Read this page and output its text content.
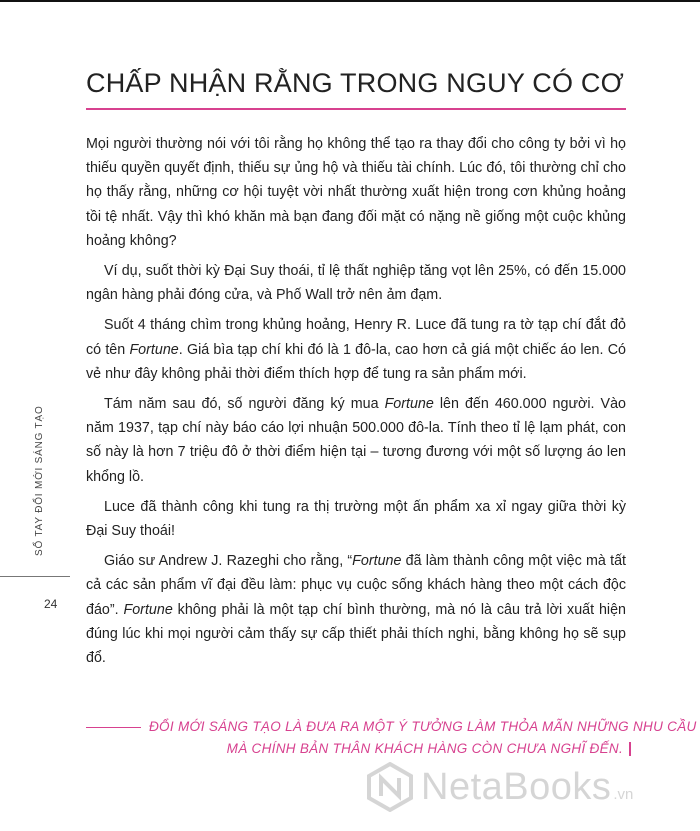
CHẤP NHẬN RẰNG TRONG NGUY CÓ CƠ

Mọi người thường nói với tôi rằng họ không thể tạo ra thay đổi cho công ty bởi vì họ thiếu quyền quyết định, thiếu sự ủng hộ và thiếu tài chính. Lúc đó, tôi thường chỉ cho họ thấy rằng, những cơ hội tuyệt vời nhất thường xuất hiện trong cơn khủng hoảng tồi tệ nhất. Vậy thì khó khăn mà bạn đang đối mặt có nặng nề giống một cuộc khủng hoảng không?

Ví dụ, suốt thời kỳ Đại Suy thoái, tỉ lệ thất nghiệp tăng vọt lên 25%, có đến 15.000 ngân hàng phải đóng cửa, và Phố Wall trở nên ảm đạm.

Suốt 4 tháng chìm trong khủng hoảng, Henry R. Luce đã tung ra tờ tạp chí đắt đỏ có tên Fortune. Giá bìa tạp chí khi đó là 1 đô-la, cao hơn cả giá một chiếc áo len. Có vẻ như đây không phải thời điểm thích hợp để tung ra sản phẩm mới.

Tám năm sau đó, số người đăng ký mua Fortune lên đến 460.000 người. Vào năm 1937, tạp chí này báo cáo lợi nhuận 500.000 đô-la. Tính theo tỉ lệ lạm phát, con số này là hơn 7 triệu đô ở thời điểm hiện tại – tương đương với một số lượng áo len khổng lồ.

Luce đã thành công khi tung ra thị trường một ấn phẩm xa xỉ ngay giữa thời kỳ Đại Suy thoái!

Giáo sư Andrew J. Razeghi cho rằng, “Fortune đã làm thành công một việc mà tất cả các sản phẩm vĩ đại đều làm: phục vụ cuộc sống khách hàng theo một cách độc đáo”. Fortune không phải là một tạp chí bình thường, mà nó là câu trả lời xuất hiện đúng lúc khi mọi người cảm thấy sự cấp thiết phải thích nghi, bằng không họ sẽ sụp đổ.

SỔ TAY ĐỔI MỚI SÁNG TẠO
24
ĐỔI MỚI SÁNG TẠO LÀ ĐƯA RA MỘT Ý TƯỞNG LÀM THỎA MÃN NHỮNG NHU CẦU
MÀ CHÍNH BẢN THÂN KHÁCH HÀNG CÒN CHƯA NGHĨ ĐẾN.
NetaBooks .vn
